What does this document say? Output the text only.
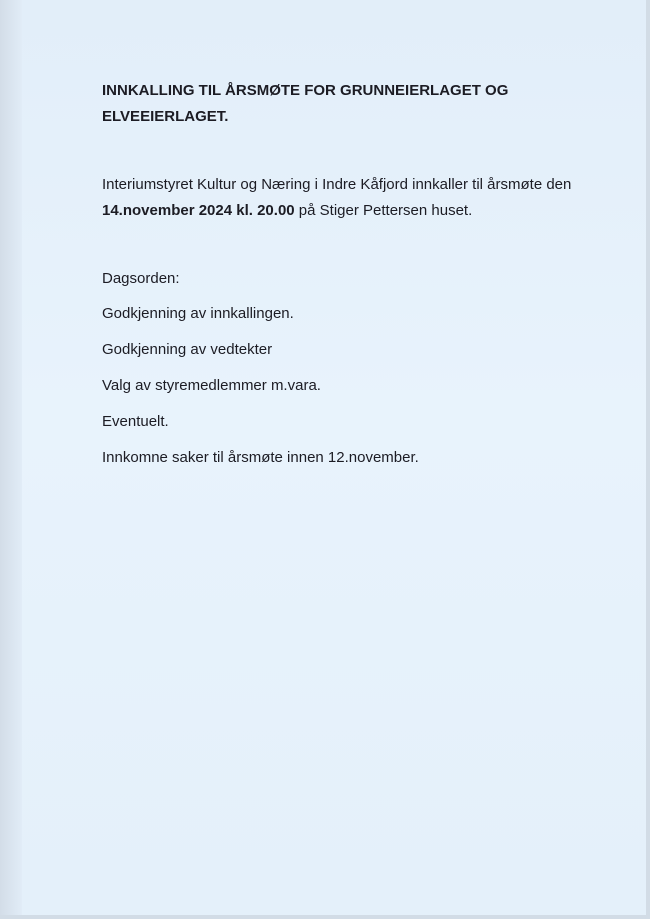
INNKALLING TIL ÅRSMØTE FOR GRUNNEIERLAGET OG
ELVEEIERLAGET.

Interiumstyret Kultur og Næring i Indre Kåfjord innkaller til årsmøte den 14.november 2024 kl. 20.00 på Stiger Pettersen huset.

Dagsorden:

Godkjenning av innkallingen.
Godkjenning av vedtekter
Valg av styremedlemmer m.vara.
Eventuelt.
Innkomne saker til årsmøte innen 12.november.
